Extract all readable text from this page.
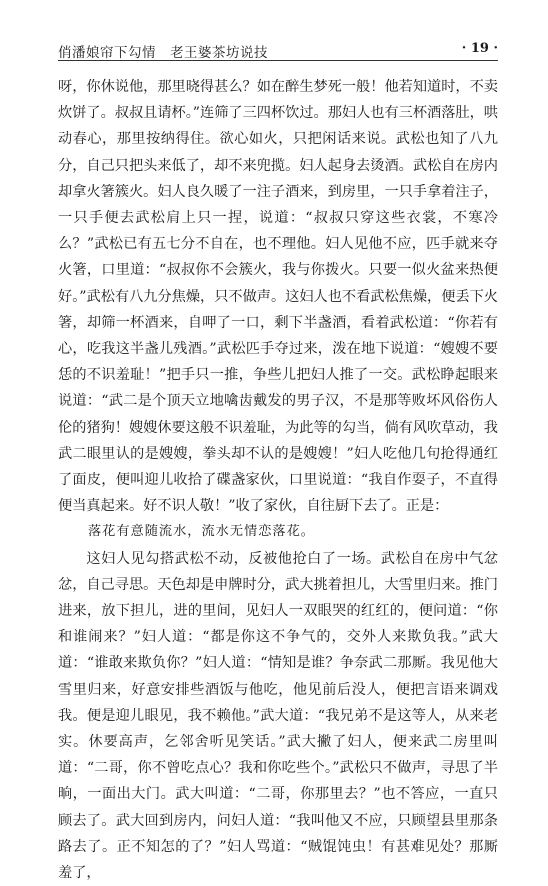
俏潘娘帘下勾情　老王婆茶坊说技	· 19 ·

呀，你休说他，那里晓得甚么？如在醉生梦死一般！他若知道时，不卖炊饼了。叔叔且请杯。”连筛了三四杯饮过。那妇人也有三杯酒落肚，哄动春心，那里按纳得住。欲心如火，只把闲话来说。武松也知了八九分，自己只把头来低了，却不来兜揽。妇人起身去烫酒。武松自在房内却拿火箸簇火。妇人良久暖了一注子酒来，到房里，一只手拿着注子，一只手便去武松肩上只一捏，说道：“叔叔只穿这些衣裳，不寒冷么？”武松已有五七分不自在，也不理他。妇人见他不应，匹手就来夺火箸，口里道：“叔叔你不会簇火，我与你拨火。只要一似火盆来热便好。”武松有八九分焦燥，只不做声。这妇人也不看武松焦燥，便丢下火箸，却筛一杯酒来，自呷了一口，剩下半盏酒，看着武松道：“你若有心，吃我这半盏儿残酒。”武松匹手夺过来，泼在地下说道：“嫂嫂不要恁的不识羞耻！”把手只一推，争些儿把妇人推了一交。武松睁起眼来说道：“武二是个顶天立地噙齿戴发的男子汉，不是那等败坏风俗伤人伦的猪狗！嫂嫂休要这般不识羞耻，为此等的勾当，倘有风吹草动，我武二眼里认的是嫂嫂，拳头却不认的是嫂嫂！”妇人吃他几句抢得通红了面皮，便叫迎儿收拾了碟盏家伙，口里说道：“我自作耍子，不直得便当真起来。好不识人敬！”收了家伙，自往厨下去了。正是：

落花有意随流水，流水无情恋落花。

这妇人见勾搭武松不动，反被他抢白了一场。武松自在房中气忿忿，自己寻思。天色却是申牌时分，武大挑着担儿，大雪里归来。推门进来，放下担儿，进的里间，见妇人一双眼哭的红红的，便问道：“你和谁闹来？”妇人道：“都是你这不争气的，交外人来欺负我。”武大道：“谁敢来欺负你？”妇人道：“情知是谁？争奈武二那厮。我见他大雪里归来，好意安排些酒饭与他吃，他见前后没人，便把言语来调戏我。便是迎儿眼见，我不赖他。”武大道：“我兄弟不是这等人，从来老实。休要高声，乞邻舍听见笑话。”武大撇了妇人，便来武二房里叫道：“二哥，你不曾吃点心？我和你吃些个。”武松只不做声，寻思了半晌，一面出大门。武大叫道：“二哥，你那里去？”也不答应，一直只顾去了。武大回到房内，问妇人道：“我叫他又不应，只顾望县里那条路去了。正不知怎的了？”妇人骂道：“贼馄饨虫！有甚难见处？那厮羞了，
